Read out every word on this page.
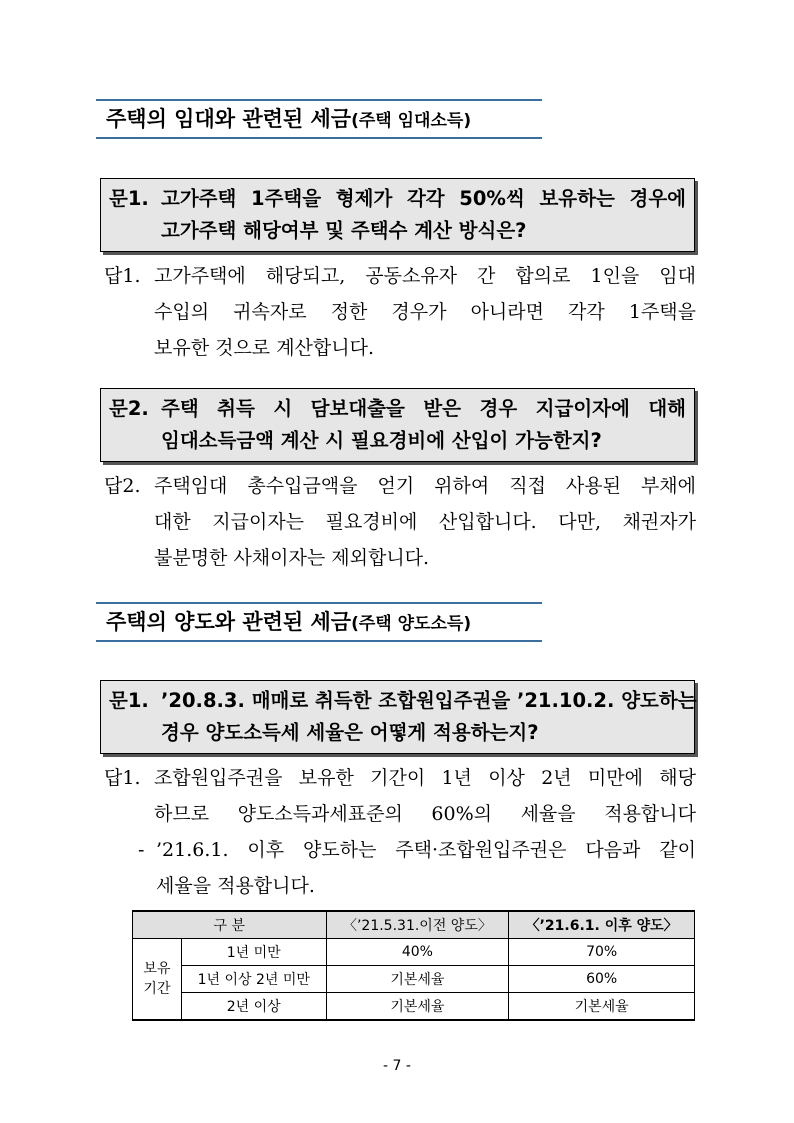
주택의 임대와 관련된 세금(주택 임대소득)
문1. 고가주택 1주택을 형제가 각각 50%씩 보유하는 경우에
고가주택 해당여부 및 주택수 계산 방식은?
답1. 고가주택에 해당되고, 공동소유자 간 합의로 1인을 임대
수입의 귀속자로 정한 경우가 아니라면 각각 1주택을
보유한 것으로 계산합니다.
문2. 주택 취득 시 담보대출을 받은 경우 지급이자에 대해
임대소득금액 계산 시 필요경비에 산입이 가능한지?
답2. 주택임대 총수입금액을 얻기 위하여 직접 사용된 부채에
대한 지급이자는 필요경비에 산입합니다. 다만, 채권자가
불분명한 사채이자는 제외합니다.
주택의 양도와 관련된 세금(주택 양도소득)
문1. ’20.8.3. 매매로 취득한 조합원입주권을 ’21.10.2. 양도하는
경우 양도소득세 세율은 어떻게 적용하는지?
답1. 조합원입주권을 보유한 기간이 1년 이상 2년 미만에 해당
하므로 양도소득과세표준의 60%의 세율을 적용합니다
- ’21.6.1. 이후 양도하는 주택·조합원입주권은 다음과 같이
세율을 적용합니다.
구 분		〈’21.5.31.이전 양도〉	〈’21.6.1. 이후 양도〉

보유
기간	1년 미만	40%	70%
	1년 이상 2년 미만	기본세율	60%
	2년 이상	기본세율	기본세율
- 7 -
